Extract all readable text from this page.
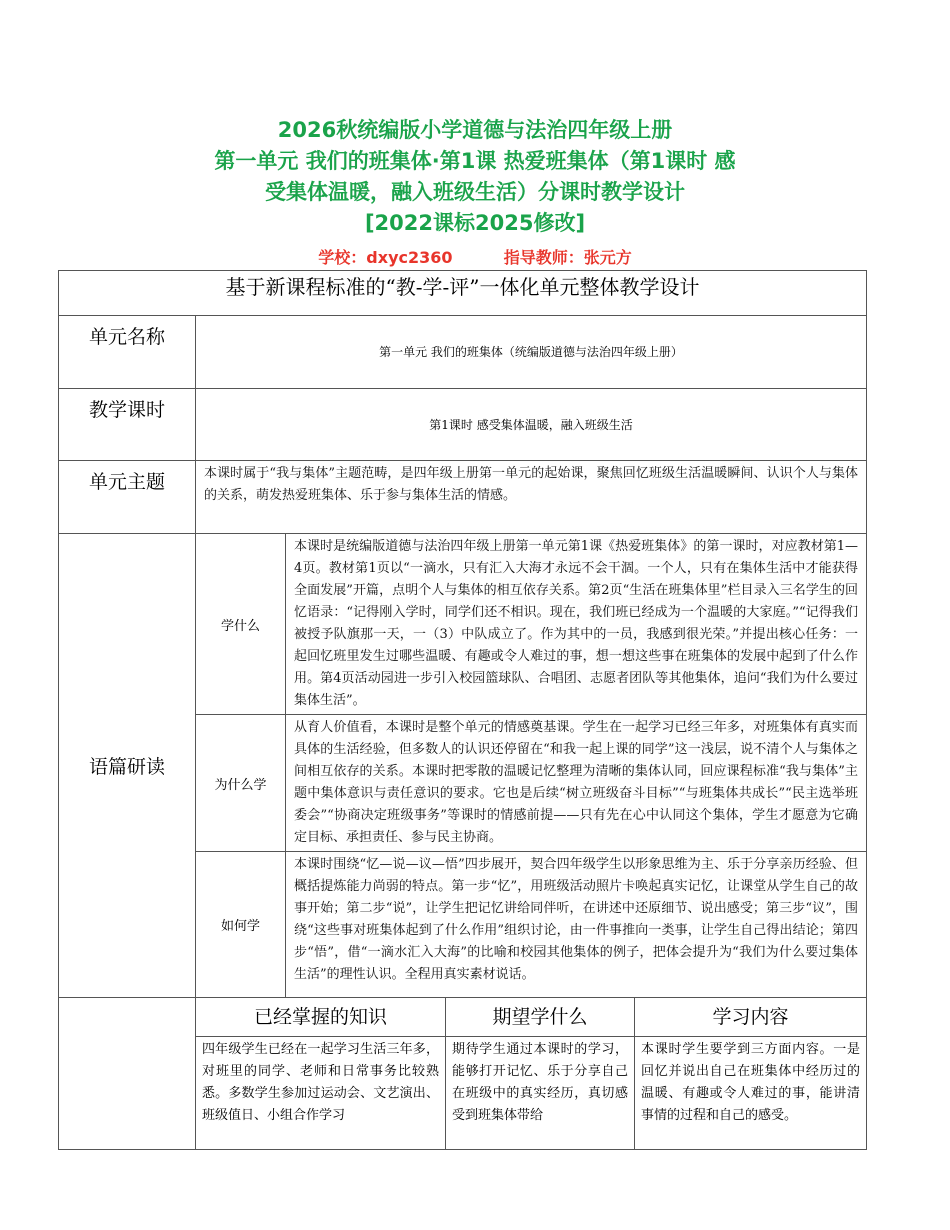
2026秋统编版小学道德与法治四年级上册
第一单元 我们的班集体·第1课 热爱班集体（第1课时 感
受集体温暖，融入班级生活）分课时教学设计
[2022课标2025修改]
学校：dxyc2360	指导教师：张元方
基于新课程标准的“教-学-评”一体化单元整体教学设计				
单元名称	第一单元 我们的班集体（统编版道德与法治四年级上册）			
教学课时	第1课时 感受集体温暖，融入班级生活			
单元主题	本课时属于“我与集体”主题范畴，是四年级上册第一单元的起始课，聚焦回忆班级生活温暖瞬间、认识个人与集体的关系，萌发热爱班集体、乐于参与集体生活的情感。			
语篇研读	学什么	本课时是统编版道德与法治四年级上册第一单元第1课《热爱班集体》的第一课时，对应教材第1—4页。教材第1页以“一滴水，只有汇入大海才永远不会干涸。一个人，只有在集体生活中才能获得全面发展”开篇，点明个人与集体的相互依存关系。第2页“生活在班集体里”栏目录入三名学生的回忆语录：“记得刚入学时，同学们还不相识。现在，我们班已经成为一个温暖的大家庭。”“记得我们被授予队旗那一天，一（3）中队成立了。作为其中的一员，我感到很光荣。”并提出核心任务：一起回忆班里发生过哪些温暖、有趣或令人难过的事，想一想这些事在班集体的发展中起到了什么作用。第4页活动园进一步引入校园篮球队、合唱团、志愿者团队等其他集体，追问“我们为什么要过集体生活”。		
	为什么学	从育人价值看，本课时是整个单元的情感奠基课。学生在一起学习已经三年多，对班集体有真实而具体的生活经验，但多数人的认识还停留在“和我一起上课的同学”这一浅层，说不清个人与集体之间相互依存的关系。本课时把零散的温暖记忆整理为清晰的集体认同，回应课程标准“我与集体”主题中集体意识与责任意识的要求。它也是后续“树立班级奋斗目标”“与班集体共成长”“民主选举班委会”“协商决定班级事务”等课时的情感前提——只有先在心中认同这个集体，学生才愿意为它确定目标、承担责任、参与民主协商。		
	如何学	本课时围绕“忆—说—议—悟”四步展开，契合四年级学生以形象思维为主、乐于分享亲历经验、但概括提炼能力尚弱的特点。第一步“忆”，用班级活动照片卡唤起真实记忆，让课堂从学生自己的故事开始；第二步“说”，让学生把记忆讲给同伴听，在讲述中还原细节、说出感受；第三步“议”，围绕“这些事对班集体起到了什么作用”组织讨论，由一件事推向一类事，让学生自己得出结论；第四步“悟”，借“一滴水汇入大海”的比喻和校园其他集体的例子，把体会提升为“我们为什么要过集体生活”的理性认识。全程用真实素材说话。		
	已经掌握的知识		期望学什么	学习内容
	四年级学生已经在一起学习生活三年多，对班里的同学、老师和日常事务比较熟悉。多数学生参加过运动会、文艺演出、班级值日、小组合作学习		期待学生通过本课时的学习，能够打开记忆、乐于分享自己在班级中的真实经历，真切感受到班集体带给	本课时学生要学到三方面内容。一是回忆并说出自己在班集体中经历过的温暖、有趣或令人难过的事，能讲清事情的过程和自己的感受。
